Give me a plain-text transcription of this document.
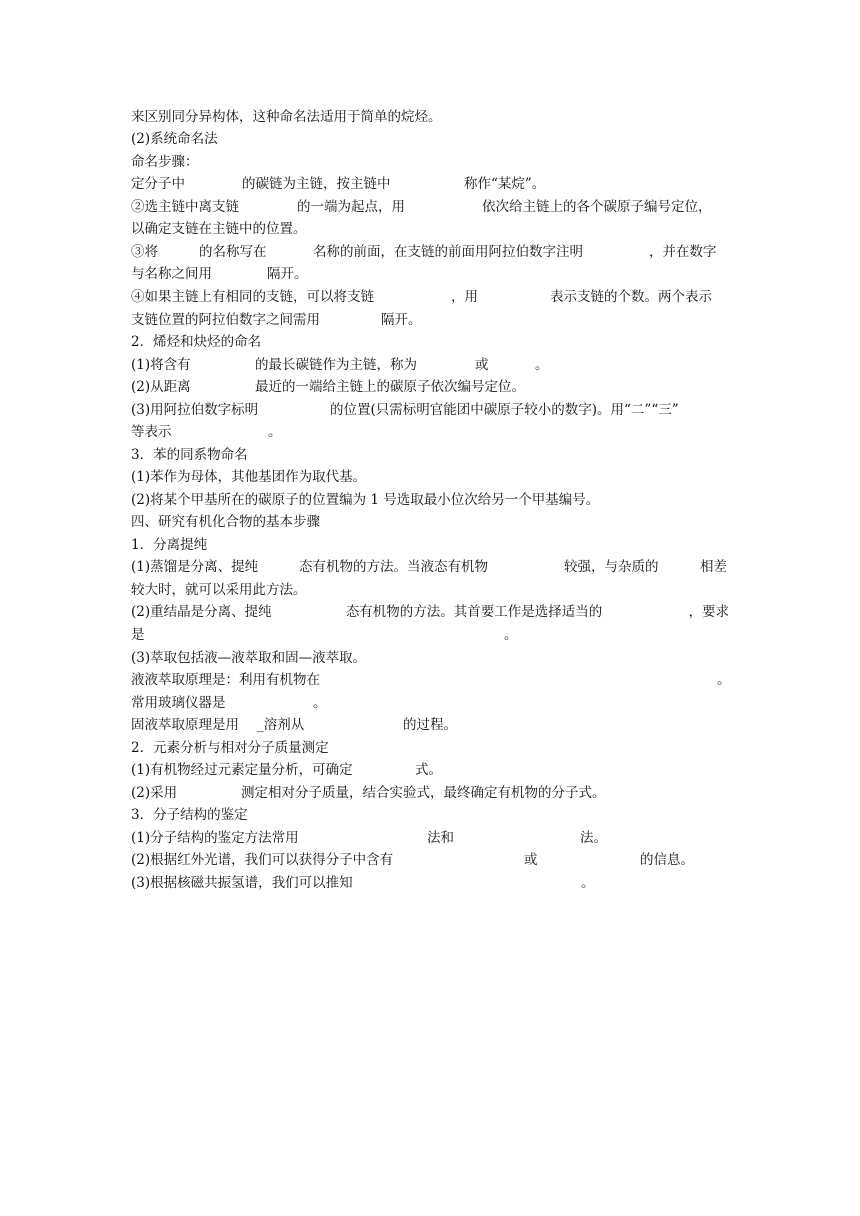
来区别同分异构体，这种命名法适用于简单的烷烃。
(2)系统命名法
命名步骤：
定分子中	的碳链为主链，按主链中	称作“某烷”。
②选主链中离支链	的一端为起点，用	依次给主链上的各个碳原子编号定位，
以确定支链在主链中的位置。
③将	的名称写在	名称的前面，在支链的前面用阿拉伯数字注明	，并在数字
与名称之间用	隔开。
④如果主链上有相同的支链，可以将支链	，用	表示支链的个数。两个表示
支链位置的阿拉伯数字之间需用	隔开。
2．烯烃和炔烃的命名
(1)将含有	的最长碳链作为主链，称为	或	。
(2)从距离	最近的一端给主链上的碳原子依次编号定位。
(3)用阿拉伯数字标明	的位置(只需标明官能团中碳原子较小的数字)。用“二”“三”
等表示	。
3．苯的同系物命名
(1)苯作为母体，其他基团作为取代基。
(2)将某个甲基所在的碳原子的位置编为 1 号选取最小位次给另一个甲基编号。
四、研究有机化合物的基本步骤
1．分离提纯
(1)蒸馏是分离、提纯	态有机物的方法。当液态有机物	较强，与杂质的	相差
较大时，就可以采用此方法。
(2)重结晶是分离、提纯	态有机物的方法。其首要工作是选择适当的	，要求
是	。
(3)萃取包括液—液萃取和固—液萃取。
液液萃取原理是：利用有机物在	。
常用玻璃仪器是	。
固液萃取原理是用 _溶剂从	的过程。
2．元素分析与相对分子质量测定
(1)有机物经过元素定量分析，可确定	式。
(2)采用	测定相对分子质量，结合实验式，最终确定有机物的分子式。
3．分子结构的鉴定
(1)分子结构的鉴定方法常用	法和	法。
(2)根据红外光谱，我们可以获得分子中含有	或	的信息。
(3)根据核磁共振氢谱，我们可以推知	。
